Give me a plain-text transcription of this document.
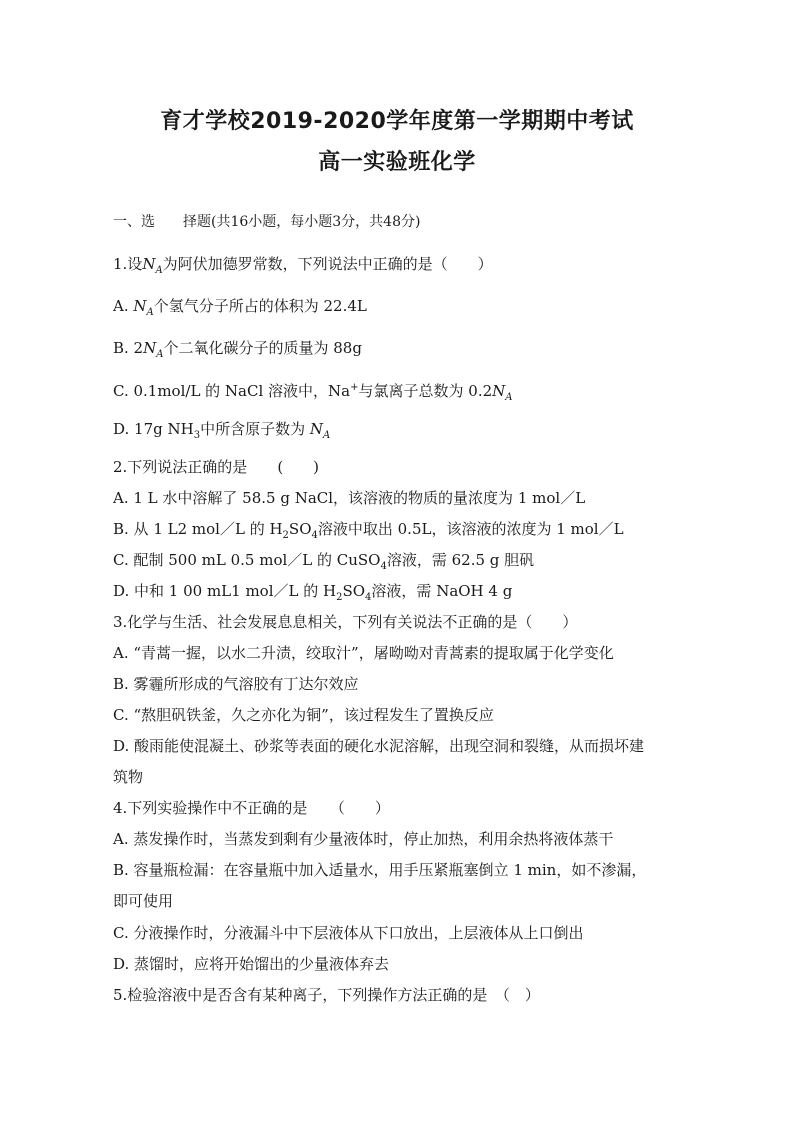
育才学校2019-2020学年度第一学期期中考试
高一实验班化学
一、选　　择题(共16小题，每小题3分，共48分)
1.设$N_A$为阿伏加德罗常数，下列说法中正确的是（　　）
A. $N_A$个氢气分子所占的体积为 22.4L
B. $2N_A$个二氧化碳分子的质量为 88g
C. 0.1mol/L 的 NaCl 溶液中，Na+与氯离子总数为 $0.2N_A$
D. 17g $NH_3$中所含原子数为 $N_A$
2.下列说法正确的是　　(　　)
A. 1 L 水中溶解了 58.5 g NaCl，该溶液的物质的量浓度为 1 mol／L
B. 从 1 L2 mol／L 的 $H_2SO_4$溶液中取出 0.5L，该溶液的浓度为 1 mol／L
C. 配制 500 mL 0.5 mol／L 的 CuSO$_4$溶液，需 62.5 g 胆矾
D. 中和 1 00 mL1 mol／L 的 $H_2SO_4$溶液，需 NaOH 4 g
3.化学与生活、社会发展息息相关，下列有关说法不正确的是（　　）
A. “青蒿一握，以水二升渍，绞取汁”，屠呦呦对青蒿素的提取属于化学变化
B. 雾霾所形成的气溶胶有丁达尔效应
C. “熬胆矾铁釜，久之亦化为铜”，该过程发生了置换反应
D. 酸雨能使混凝土、砂浆等表面的硬化水泥溶解，出现空洞和裂缝，从而损坏建
筑物
4.下列实验操作中不正确的是　　（　　）
A. 蒸发操作时，当蒸发到剩有少量液体时，停止加热，利用余热将液体蒸干
B. 容量瓶检漏：在容量瓶中加入适量水，用手压紧瓶塞倒立 1 min，如不渗漏，
即可使用
C. 分液操作时，分液漏斗中下层液体从下口放出，上层液体从上口倒出
D. 蒸馏时，应将开始馏出的少量液体弃去
5.检验溶液中是否含有某种离子，下列操作方法正确的是　（　）
